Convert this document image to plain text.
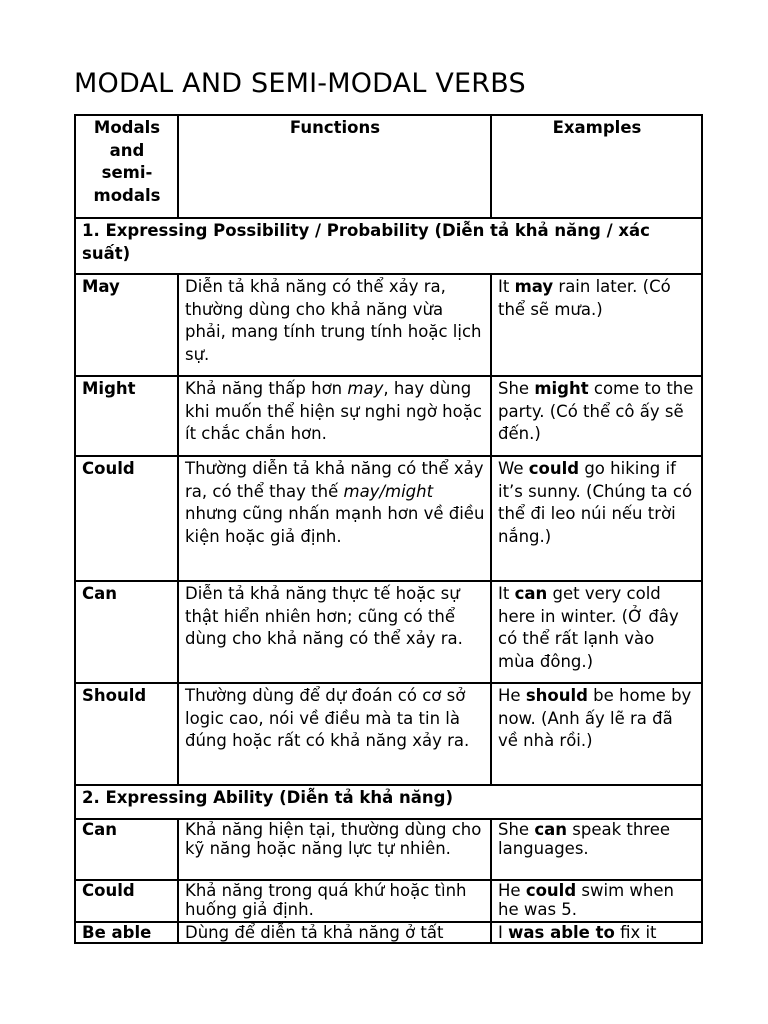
MODAL AND SEMI-MODAL VERBS
Modals and semi-modals	Functions	Examples
1. Expressing Possibility / Probability (Diễn tả khả năng / xác suất)		
May	Diễn tả khả năng có thể xảy ra, thường dùng cho khả năng vừa phải, mang tính trung tính hoặc lịch sự.	It may rain later. (Có thể sẽ mưa.)
Might	Khả năng thấp hơn may, hay dùng khi muốn thể hiện sự nghi ngờ hoặc ít chắc chắn hơn.	She might come to the party. (Có thể cô ấy sẽ đến.)
Could	Thường diễn tả khả năng có thể xảy ra, có thể thay thế may/might nhưng cũng nhấn mạnh hơn về điều kiện hoặc giả định.	We could go hiking if it’s sunny. (Chúng ta có thể đi leo núi nếu trời nắng.)
Can	Diễn tả khả năng thực tế hoặc sự thật hiển nhiên hơn; cũng có thể dùng cho khả năng có thể xảy ra.	It can get very cold here in winter. (Ở đây có thể rất lạnh vào mùa đông.)
Should	Thường dùng để dự đoán có cơ sở logic cao, nói về điều mà ta tin là đúng hoặc rất có khả năng xảy ra.	He should be home by now. (Anh ấy lẽ ra đã về nhà rồi.)
2. Expressing Ability (Diễn tả khả năng)		
Can	Khả năng hiện tại, thường dùng cho kỹ năng hoặc năng lực tự nhiên.	She can speak three languages.
Could	Khả năng trong quá khứ hoặc tình huống giả định.	He could swim when he was 5.

Be able	Dùng để diễn tả khả năng ở tất	I was able to fix it
